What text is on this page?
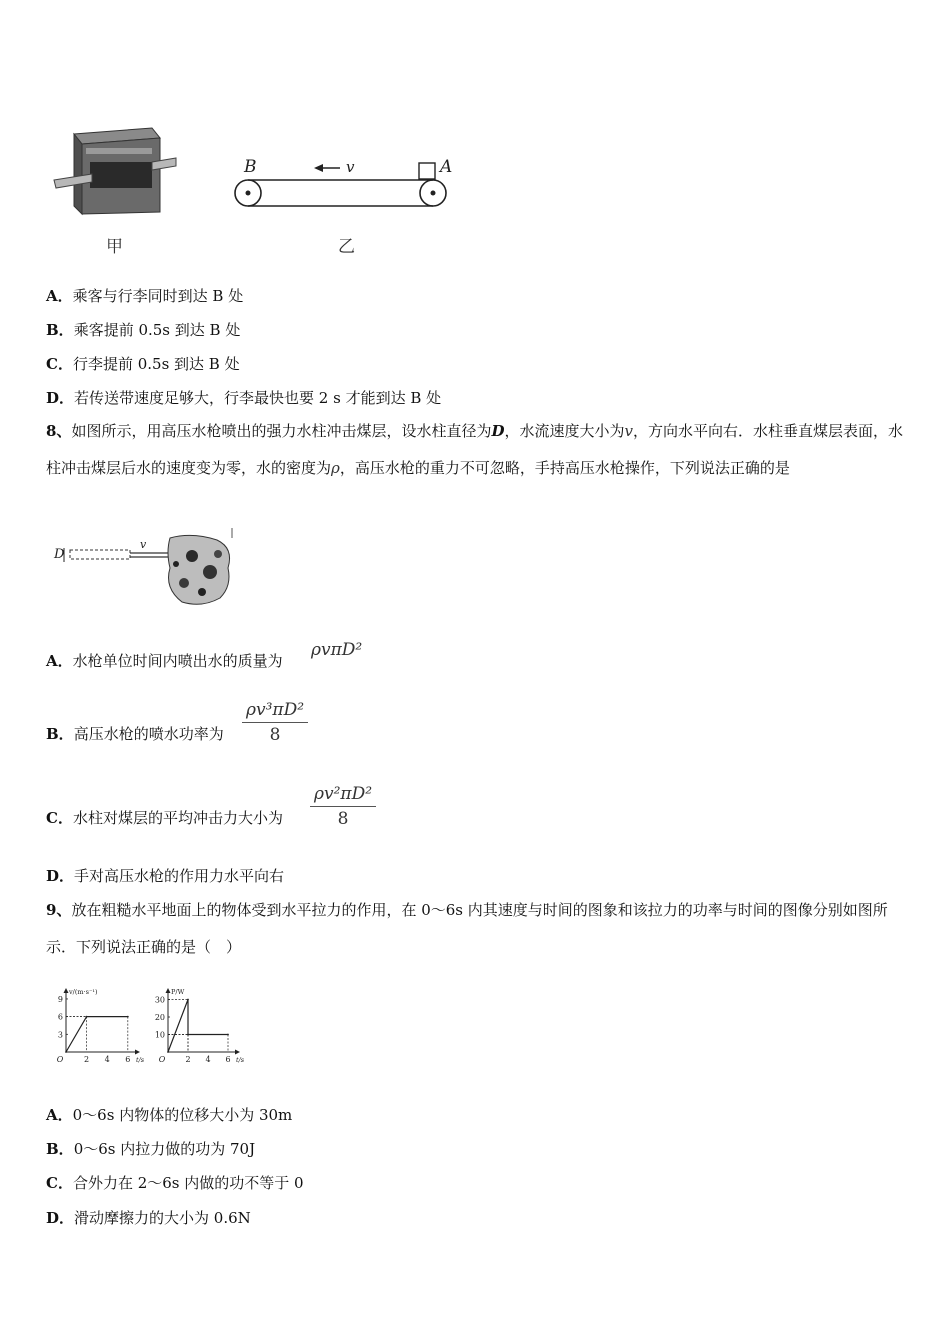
甲
B	A
v
乙
A．乘客与行李同时到达 B 处
B．乘客提前 0.5s 到达 B 处
C．行李提前 0.5s 到达 B 处
D．若传送带速度足够大，行李最快也要 2 s 才能到达 B 处
8、如图所示，用高压水枪喷出的强力水柱冲击煤层，设水柱直径为D，水流速度大小为v，方向水平向右．水柱垂直煤层表面，水柱冲击煤层后水的速度变为零，水的密度为ρ，高压水枪的重力不可忽略，手持高压水枪操作，下列说法正确的是
D
v
A．水枪单位时间内喷出水的质量为
ρvπD²
B．高压水枪的喷水功率为 $\frac{\text{ρv³πD²}}{8}$
C．水柱对煤层的平均冲击力大小为 $\frac{\text{ρv²πD²}}{8}$
D．手对高压水枪的作用力水平向右
9、放在粗糙水平地面上的物体受到水平拉力的作用，在 0～6s 内其速度与时间的图象和该拉力的功率与时间的图像分别如图所示．下列说法正确的是（　）
v/(m·s⁻¹)
t/s
3
6
9
O	2 4 6
P/W
t/s
10
20
30
O	2 4 6
A．0～6s 内物体的位移大小为 30m
B．0～6s 内拉力做的功为 70J
C．合外力在 2～6s 内做的功不等于 0
D．滑动摩擦力的大小为 0.6N
